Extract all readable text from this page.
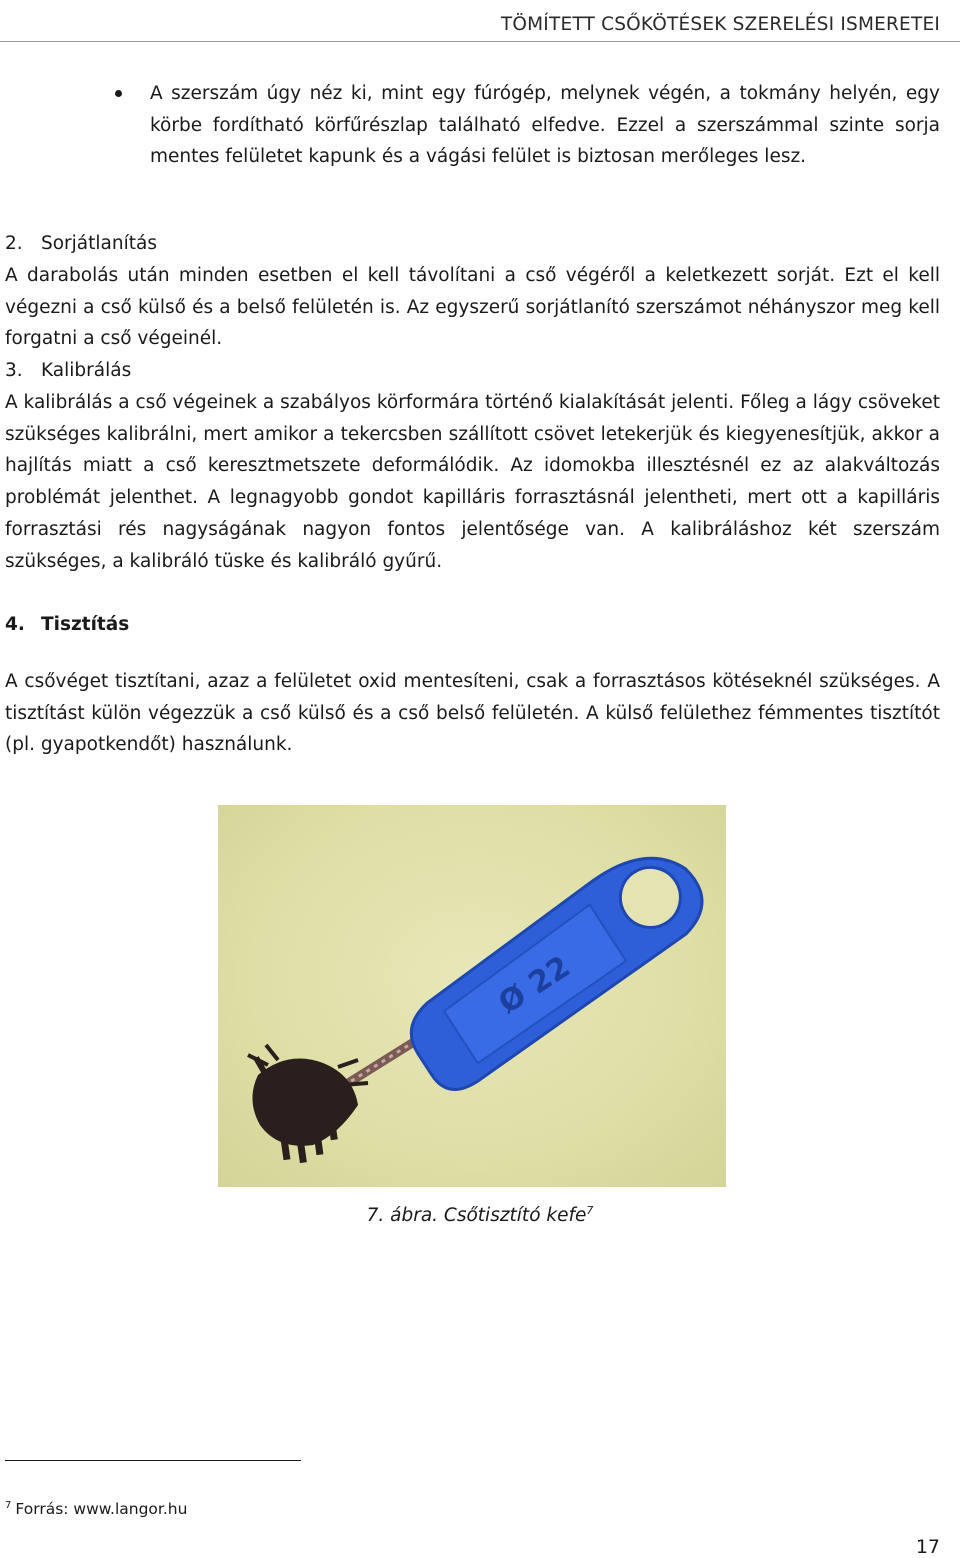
TÖMÍTETT CSŐKÖTÉSEK SZERELÉSI ISMERETEI

A szerszám úgy néz ki, mint egy fúrógép, melynek végén, a tokmány helyén, egy körbe fordítható körfűrészlap található elfedve. Ezzel a szerszámmal szinte sorja mentes felületet kapunk és a vágási felület is biztosan merőleges lesz.

2. Sorjátlanítás

A darabolás után minden esetben el kell távolítani a cső végéről a keletkezett sorját. Ezt el kell végezni a cső külső és a belső felületén is. Az egyszerű sorjátlanító szerszámot néhányszor meg kell forgatni a cső végeinél.

3. Kalibrálás

A kalibrálás a cső végeinek a szabályos körformára történő kialakítását jelenti. Főleg a lágy csöveket szükséges kalibrálni, mert amikor a tekercsben szállított csövet letekerjük és kiegyenesítjük, akkor a hajlítás miatt a cső keresztmetszete deformálódik. Az idomokba illesztésnél ez az alakváltozás problémát jelenthet. A legnagyobb gondot kapilláris forrasztásnál jelentheti, mert ott a kapilláris forrasztási rés nagyságának nagyon fontos jelentősége van. A kalibráláshoz két szerszám szükséges, a kalibráló tüske és kalibráló gyűrű.

4. Tisztítás

A csővéget tisztítani, azaz a felületet oxid mentesíteni, csak a forrasztásos kötéseknél szükséges. A tisztítást külön végezzük a cső külső és a cső belső felületén. A külső felülethez fémmentes tisztítót (pl. gyapotkendőt) használunk.

Ø 22
7. ábra. Csőtisztító kefe$^7$
$^7$ Forrás: www.langor.hu
17
